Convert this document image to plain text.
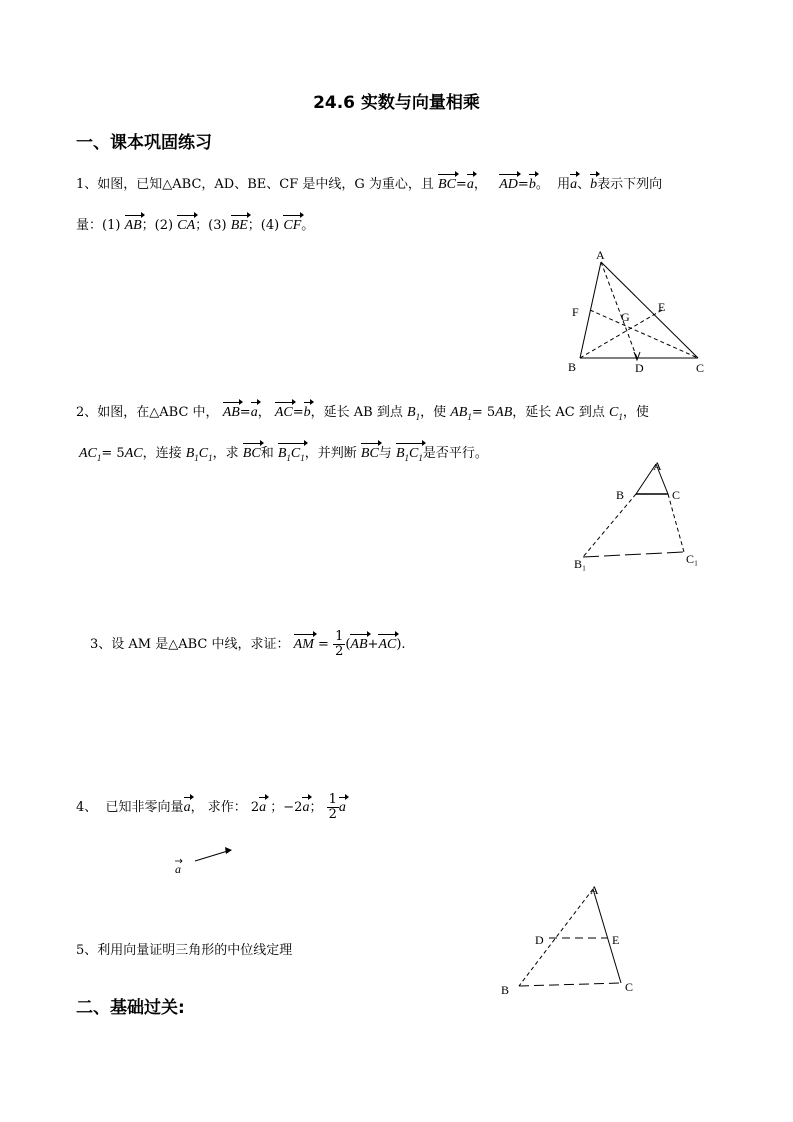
24.6 实数与向量相乘
一、课本巩固练习
1、如图，已知△ABC，AD、BE、CF 是中线，G 为重心，且 BC=a， AD=b。 用a、b表示下列向
量：(1) AB；(2) CA；(3) BE；(4) CF。
A
B	C
D
E
F	G
2、如图，在△ABC 中， AB=a， AC=b，延长 AB 到点 $B_1$，使 $AB_1= 5AB$，延长 AC 到点 $C_1$，使
$AC_1= 5AC$，连接 $B_1C_1$，求 BC和 $B_1C_1$，并判断 BC与 $B_1C_1$是否平行。
A
B	C
B₁	C₁
3、设 AM 是△ABC 中线，求证： AM = $\frac{1}{2} (AB+AC)$.
4、 已知非零向量a， 求作： 2a ；−2a； $\frac{1}{2}$ a
a
5、利用向量证明三角形的中位线定理
A
B	C
D	E
二、基础过关:
